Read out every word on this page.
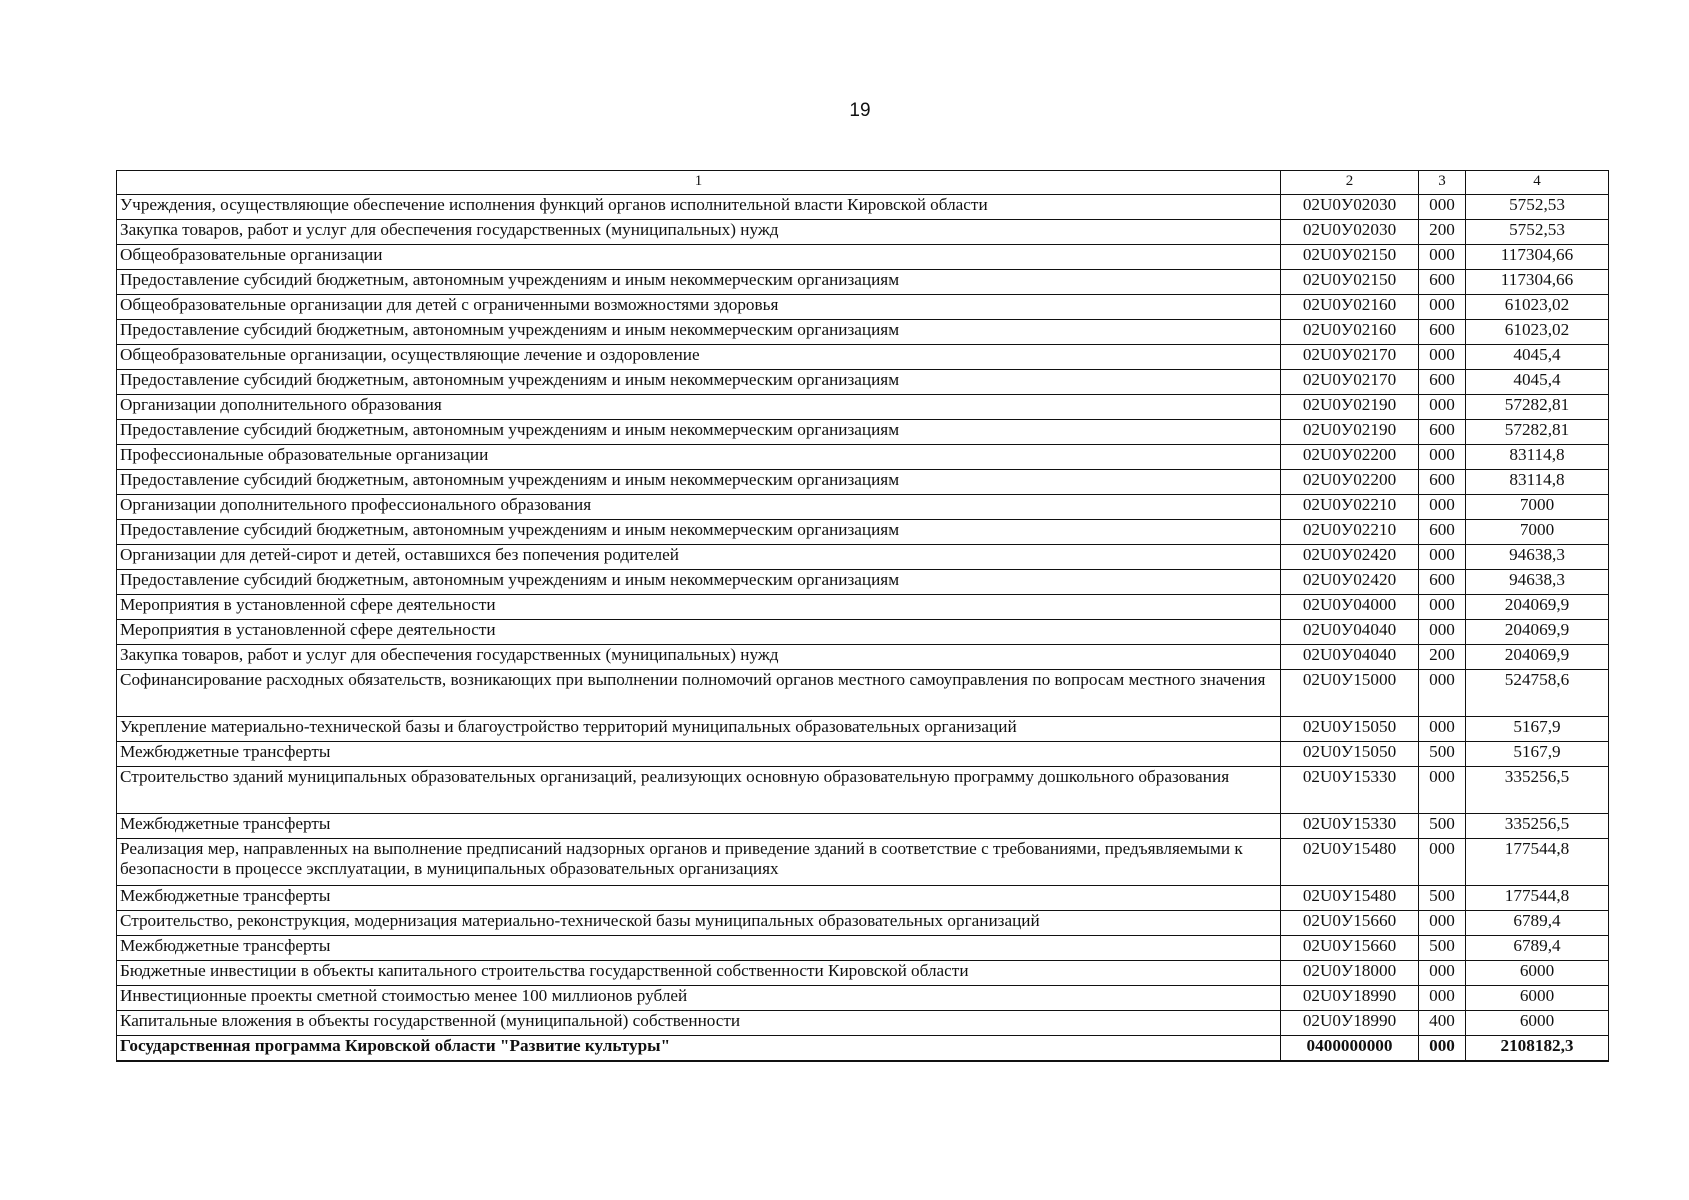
19
1	2	3	4
Учреждения, осуществляющие обеспечение исполнения функций органов исполнительной власти Кировской области	02U0У02030	000	5752,53
Закупка товаров, работ и услуг для обеспечения государственных (муниципальных) нужд	02U0У02030	200	5752,53
Общеобразовательные организации	02U0У02150	000	117304,66
Предоставление субсидий бюджетным, автономным учреждениям и иным некоммерческим организациям	02U0У02150	600	117304,66
Общеобразовательные организации для детей с ограниченными возможностями здоровья	02U0У02160	000	61023,02
Предоставление субсидий бюджетным, автономным учреждениям и иным некоммерческим организациям	02U0У02160	600	61023,02
Общеобразовательные организации, осуществляющие лечение и оздоровление	02U0У02170	000	4045,4
Предоставление субсидий бюджетным, автономным учреждениям и иным некоммерческим организациям	02U0У02170	600	4045,4
Организации дополнительного образования	02U0У02190	000	57282,81
Предоставление субсидий бюджетным, автономным учреждениям и иным некоммерческим организациям	02U0У02190	600	57282,81
Профессиональные образовательные организации	02U0У02200	000	83114,8
Предоставление субсидий бюджетным, автономным учреждениям и иным некоммерческим организациям	02U0У02200	600	83114,8
Организации дополнительного профессионального образования	02U0У02210	000	7000
Предоставление субсидий бюджетным, автономным учреждениям и иным некоммерческим организациям	02U0У02210	600	7000
Организации для детей-сирот и детей, оставшихся без попечения родителей	02U0У02420	000	94638,3
Предоставление субсидий бюджетным, автономным учреждениям и иным некоммерческим организациям	02U0У02420	600	94638,3
Мероприятия в установленной сфере деятельности	02U0У04000	000	204069,9
Мероприятия в установленной сфере деятельности	02U0У04040	000	204069,9
Закупка товаров, работ и услуг для обеспечения государственных (муниципальных) нужд	02U0У04040	200	204069,9
Софинансирование расходных обязательств, возникающих при выполнении полномочий органов местного самоуправления по вопросам местного значения	02U0У15000	000	524758,6
Укрепление материально-технической базы и благоустройство территорий муниципальных образовательных организаций	02U0У15050	000	5167,9
Межбюджетные трансферты	02U0У15050	500	5167,9
Строительство зданий муниципальных образовательных организаций, реализующих основную образовательную программу дошкольного образования	02U0У15330	000	335256,5
Межбюджетные трансферты	02U0У15330	500	335256,5
Реализация мер, направленных на выполнение предписаний надзорных органов и приведение зданий в соответствие с требованиями, предъявляемыми к безопасности в процессе эксплуатации, в муниципальных образовательных организациях	02U0У15480	000	177544,8
Межбюджетные трансферты	02U0У15480	500	177544,8
Строительство, реконструкция, модернизация материально-технической базы муниципальных образовательных организаций	02U0У15660	000	6789,4
Межбюджетные трансферты	02U0У15660	500	6789,4
Бюджетные инвестиции в объекты капитального строительства государственной собственности Кировской области	02U0У18000	000	6000
Инвестиционные проекты сметной стоимостью менее 100 миллионов рублей	02U0У18990	000	6000
Капитальные вложения в объекты государственной (муниципальной) собственности	02U0У18990	400	6000
Государственная программа Кировской области "Развитие культуры"	0400000000	000	2108182,3
